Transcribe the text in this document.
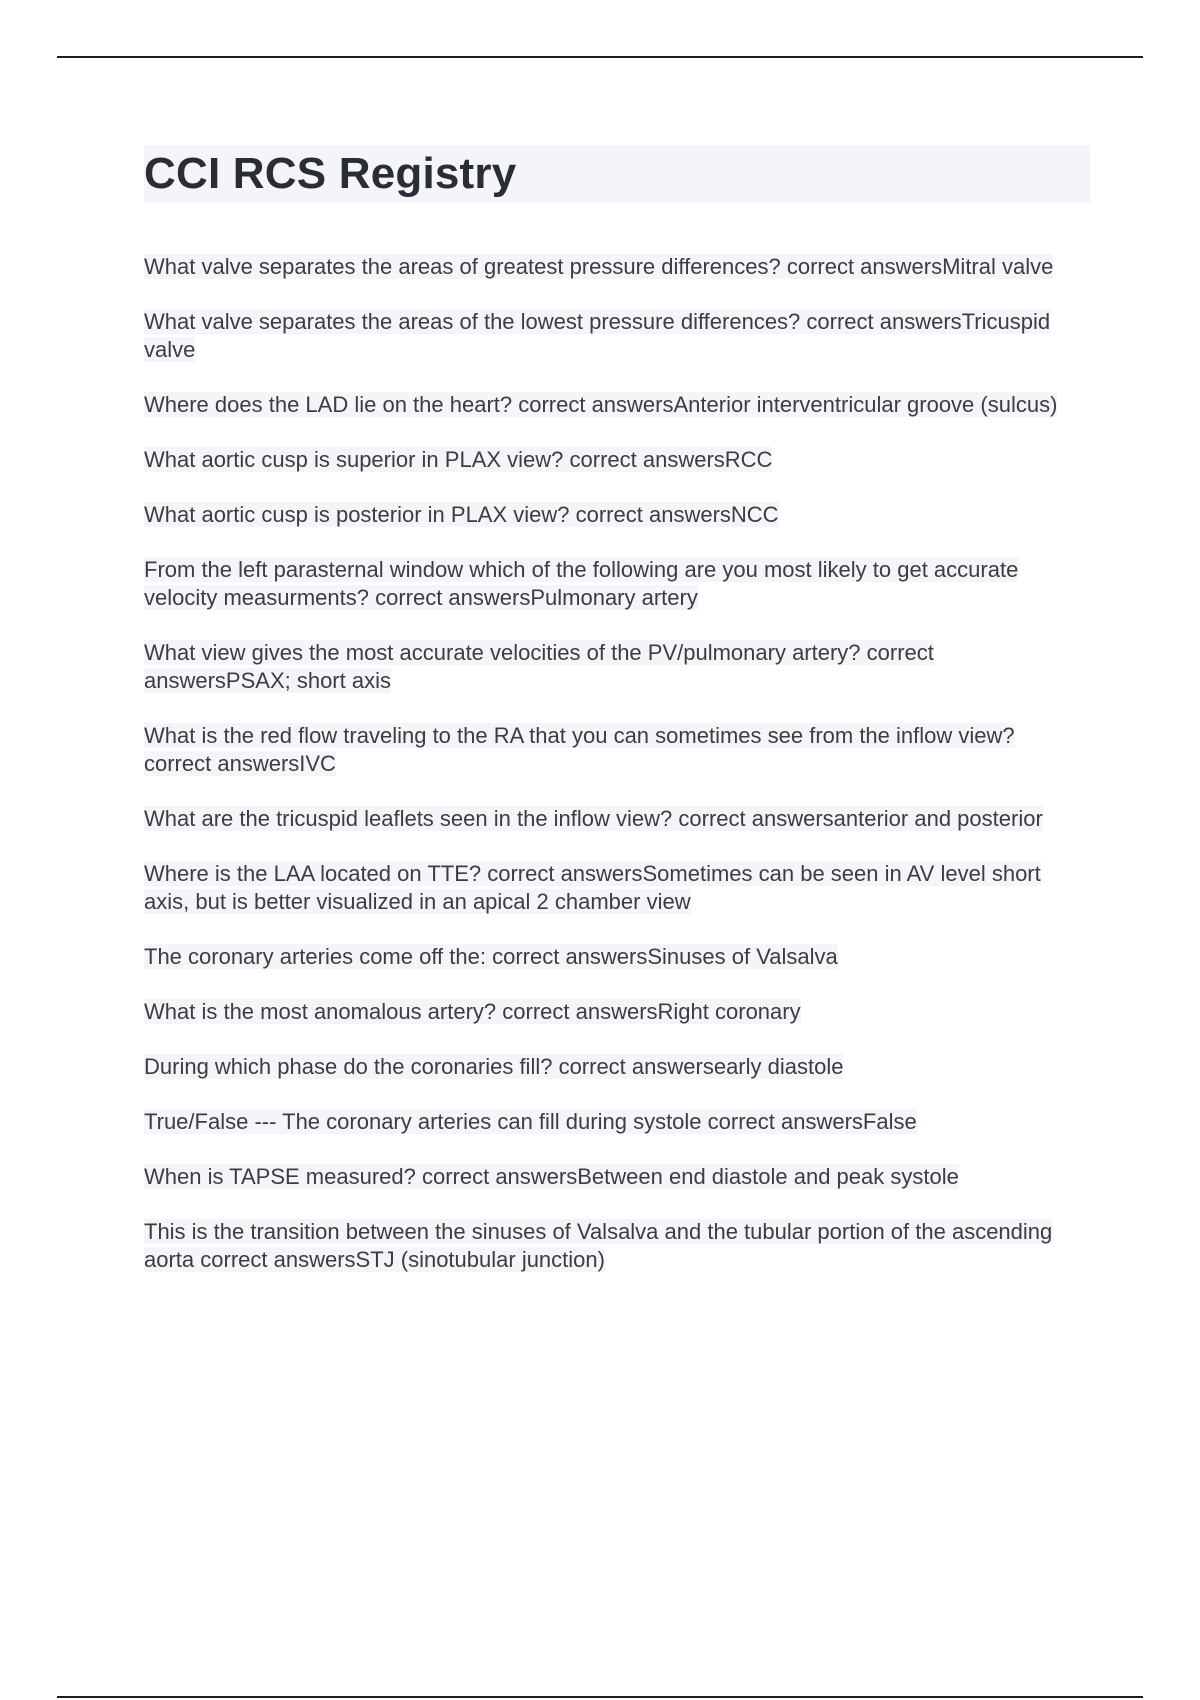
CCI RCS Registry
What valve separates the areas of greatest pressure differences? correct answersMitral valve
What valve separates the areas of the lowest pressure differences? correct answersTricuspid valve
Where does the LAD lie on the heart? correct answersAnterior interventricular groove (sulcus)
What aortic cusp is superior in PLAX view? correct answersRCC
What aortic cusp is posterior in PLAX view? correct answersNCC
From the left parasternal window which of the following are you most likely to get accurate velocity measurments? correct answersPulmonary artery
What view gives the most accurate velocities of the PV/pulmonary artery? correct answersPSAX; short axis
What is the red flow traveling to the RA that you can sometimes see from the inflow view? correct answersIVC
What are the tricuspid leaflets seen in the inflow view? correct answersanterior and posterior
Where is the LAA located on TTE? correct answersSometimes can be seen in AV level short axis, but is better visualized in an apical 2 chamber view
The coronary arteries come off the: correct answersSinuses of Valsalva
What is the most anomalous artery? correct answersRight coronary
During which phase do the coronaries fill? correct answersearly diastole
True/False --- The coronary arteries can fill during systole correct answersFalse
When is TAPSE measured? correct answersBetween end diastole and peak systole
This is the transition between the sinuses of Valsalva and the tubular portion of the ascending aorta correct answersSTJ (sinotubular junction)
